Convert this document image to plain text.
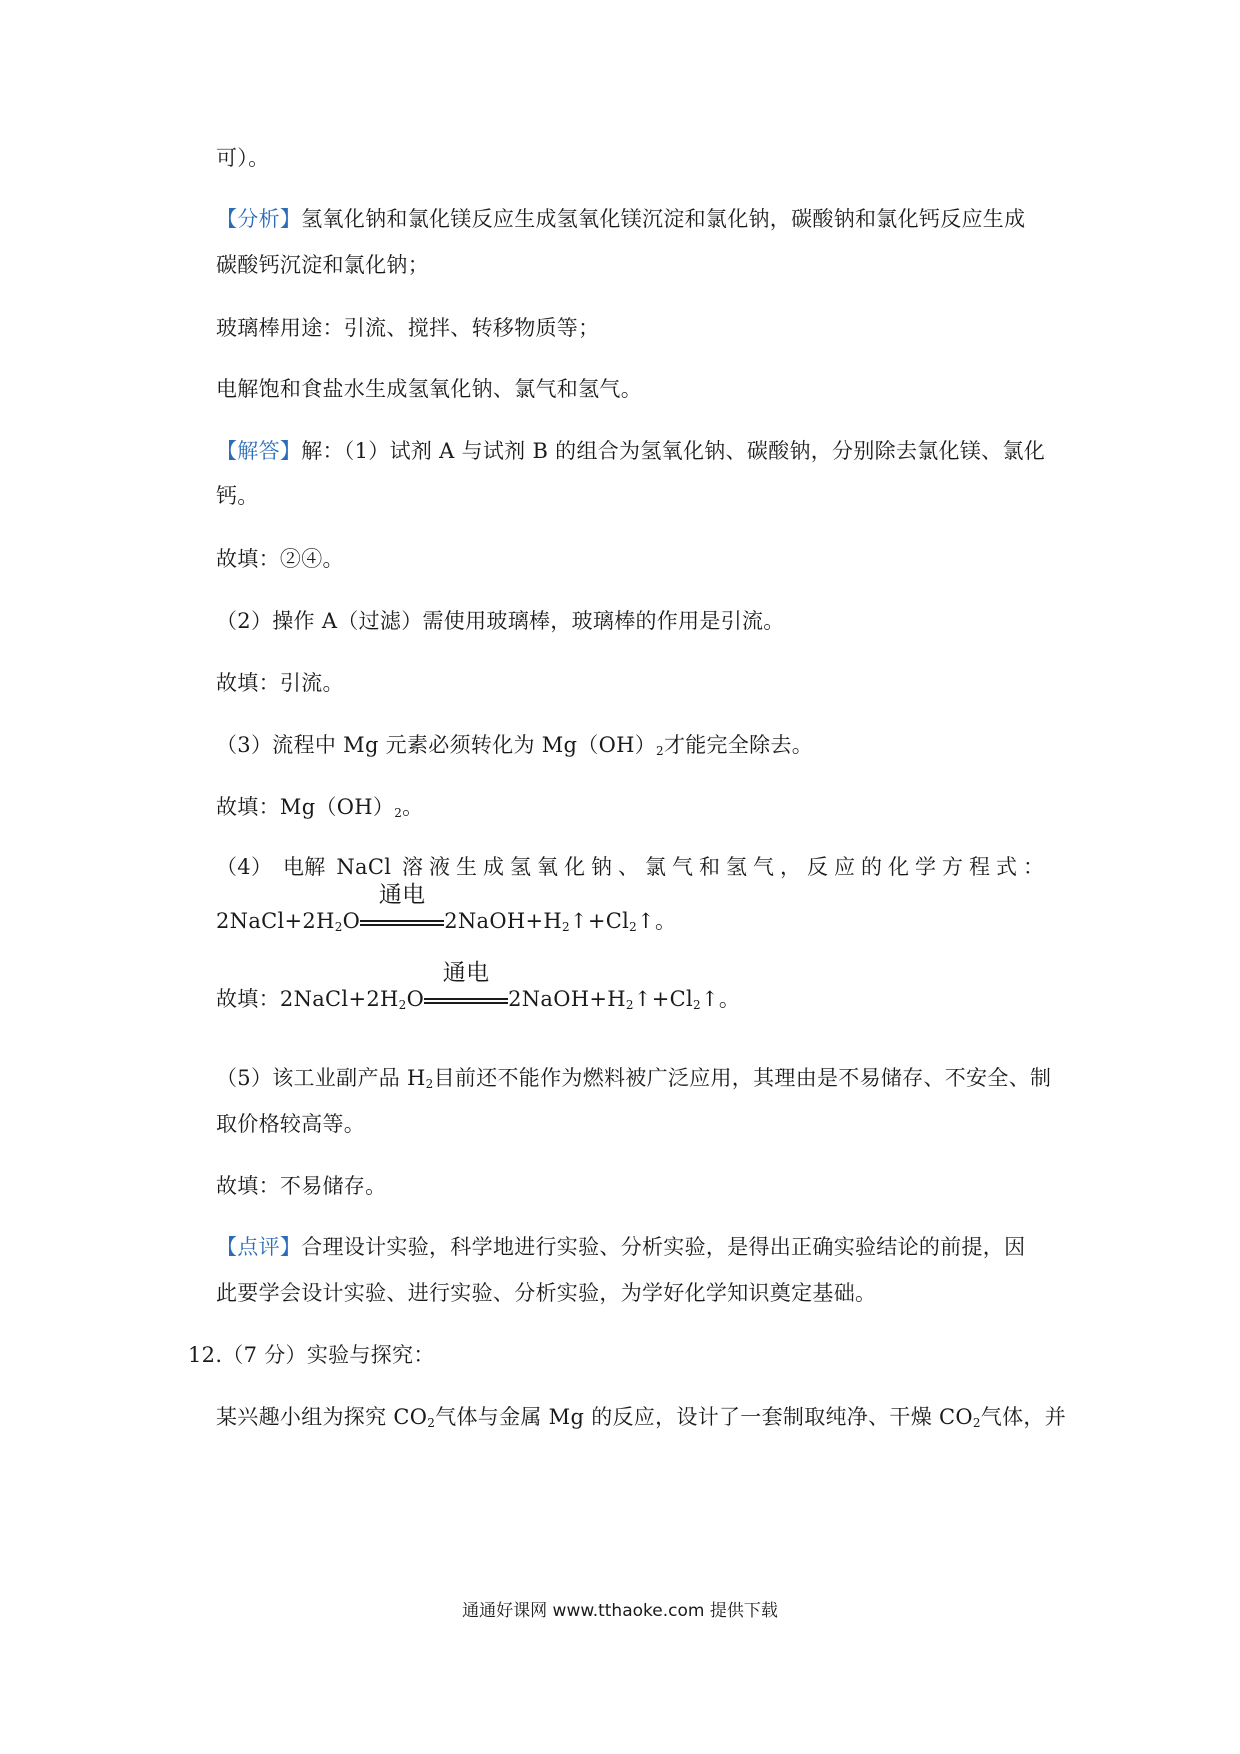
可）。
【分析】氢氧化钠和氯化镁反应生成氢氧化镁沉淀和氯化钠，碳酸钠和氯化钙反应生成
碳酸钙沉淀和氯化钠；
玻璃棒用途：引流、搅拌、转移物质等；
电解饱和食盐水生成氢氧化钠、氯气和氢气。
【解答】解：（1）试剂 A 与试剂 B 的组合为氢氧化钠、碳酸钠，分别除去氯化镁、氯化
钙。
故填：②④。
（2）操作 A（过滤）需使用玻璃棒，玻璃棒的作用是引流。
故填：引流。
（3）流程中 Mg 元素必须转化为 $Mg(OH)_2$才能完全除去。
故填：$Mg(OH)_2$。
（4） 电解 NaCl 溶液生成氢氧化钠、氯气和氢气，反应的化学方程式：
$2NaCl+2H_2O$
通电
$2NaOH+H_2↑+Cl_2↑$。
故填：$2NaCl+2H_2O$
通电
$2NaOH+H_2↑+Cl_2↑$。
（5）该工业副产品 $H_2$目前还不能作为燃料被广泛应用，其理由是不易储存、不安全、制
取价格较高等。
故填：不易储存。
【点评】合理设计实验，科学地进行实验、分析实验，是得出正确实验结论的前提，因
此要学会设计实验、进行实验、分析实验，为学好化学知识奠定基础。
12.（7 分）实验与探究：
某兴趣小组为探究 $CO_2$气体与金属 Mg 的反应，设计了一套制取纯净、干燥 $CO_2$气体，并
通通好课网 www.tthaoke.com 提供下载
